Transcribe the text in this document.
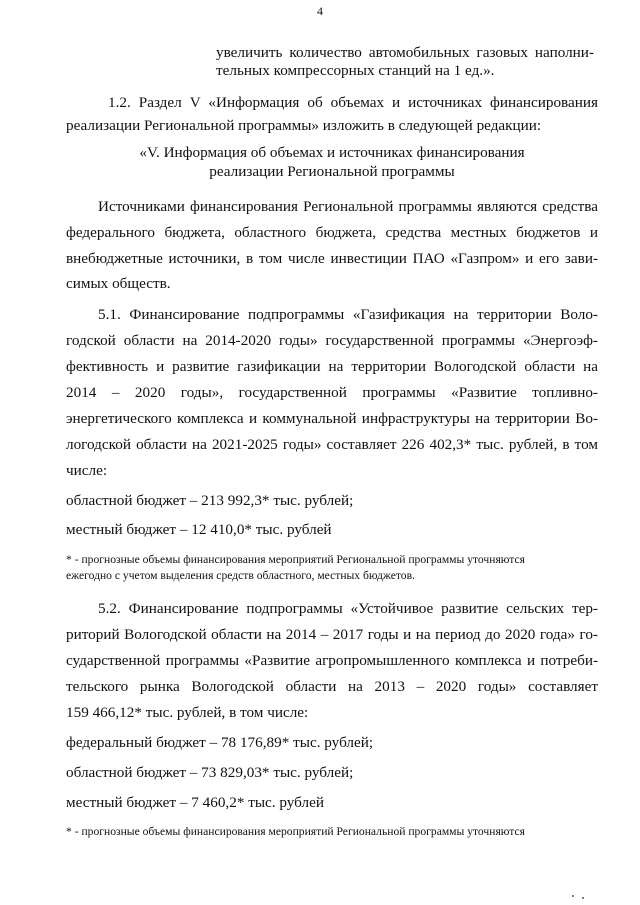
4
увеличить количество автомобильных газовых наполни-
тельных компрессорных станций на 1 ед.».
1.2. Раздел V «Информация об объемах и источниках финансирования
реализации Региональной программы» изложить в следующей редакции:
«V. Информация об объемах и источниках финансирования
реализации Региональной программы
Источниками финансирования Региональной программы являются средства
федерального бюджета, областного бюджета, средства местных бюджетов и
внебюджетные источники, в том числе инвестиции ПАО «Газпром» и его зави-
симых обществ.
5.1. Финансирование подпрограммы «Газификация на территории Воло-
годской области на 2014-2020 годы» государственной программы «Энергоэф-
фективность и развитие газификации на территории Вологодской области на
2014 – 2020 годы», государственной программы «Развитие топливно-
энергетического комплекса и коммунальной инфраструктуры на территории Во-
логодской области на 2021-2025 годы» составляет 226 402,3* тыс. рублей, в том
числе:
областной бюджет – 213 992,3* тыс. рублей;
местный бюджет – 12 410,0* тыс. рублей
* - прогнозные объемы финансирования мероприятий Региональной программы уточняются
ежегодно с учетом выделения средств областного, местных бюджетов.
5.2. Финансирование подпрограммы «Устойчивое развитие сельских тер-
риторий Вологодской области на 2014 – 2017 годы и на период до 2020 года» го-
сударственной программы «Развитие агропромышленного комплекса и потреби-
тельского рынка Вологодской области на 2013 – 2020 годы» составляет
159 466,12* тыс. рублей, в том числе:
федеральный бюджет – 78 176,89* тыс. рублей;
областной бюджет – 73 829,03* тыс. рублей;
местный бюджет – 7 460,2* тыс. рублей
* - прогнозные объемы финансирования мероприятий Региональной программы уточняются
